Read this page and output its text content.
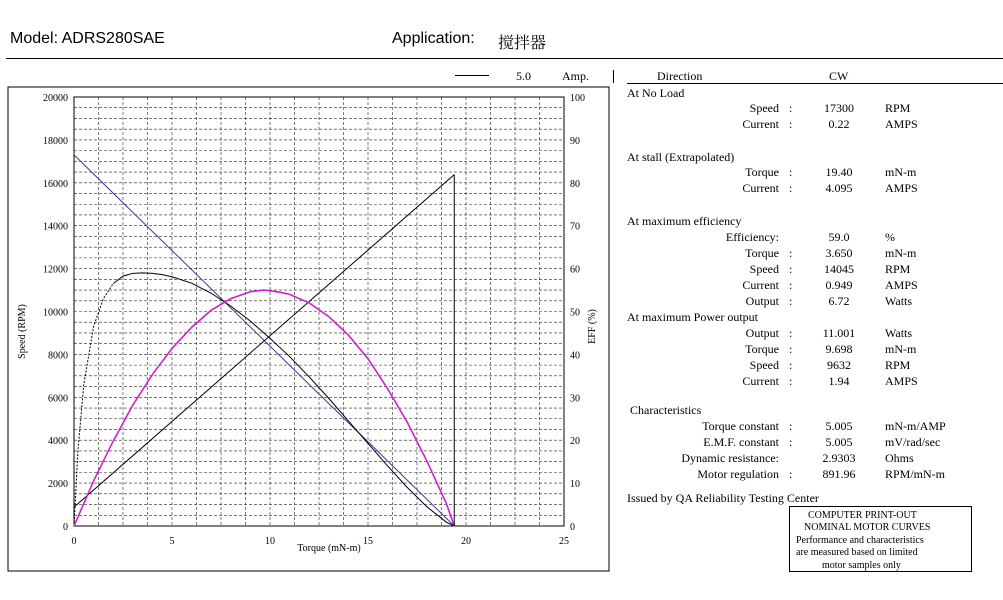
Model: ADRS280SAE	Application: 搅拌器
5.0	Amp.
0
2000
4000
6000
8000
10000
12000
14000
16000
18000
20000
0
10
20
30
40
50
60
70
80
90
100
0	5	10	15	20	25
Torque (mN-m)
Speed (RPM)	EFF (%)
Direction	CW
At No Load
Speed :	17300	RPM
Current :	0.22	AMPS
At stall (Extrapolated)
Torque :	19.40	mN-m
Current :	4.095	AMPS
At maximum efficiency
Efficiency:	59.0	%
Torque :	3.650	mN-m
Speed :	14045	RPM
Current :	0.949	AMPS
Output :	6.72	Watts
At maximum Power output
Output :	11.001	Watts
Torque :	9.698	mN-m
Speed :	9632	RPM
Current :	1.94	AMPS
Characteristics
Torque constant :	5.005	mN-m/AMP
E.M.F. constant :	5.005	mV/rad/sec
Dynamic resistance:	2.9303	Ohms
Motor regulation :	891.96	RPM/mN-m
Issued by QA Reliability Testing Center
COMPUTER PRINT-OUT
NOMINAL MOTOR CURVES
Performance and characteristics
are measured based on limited
motor samples only
